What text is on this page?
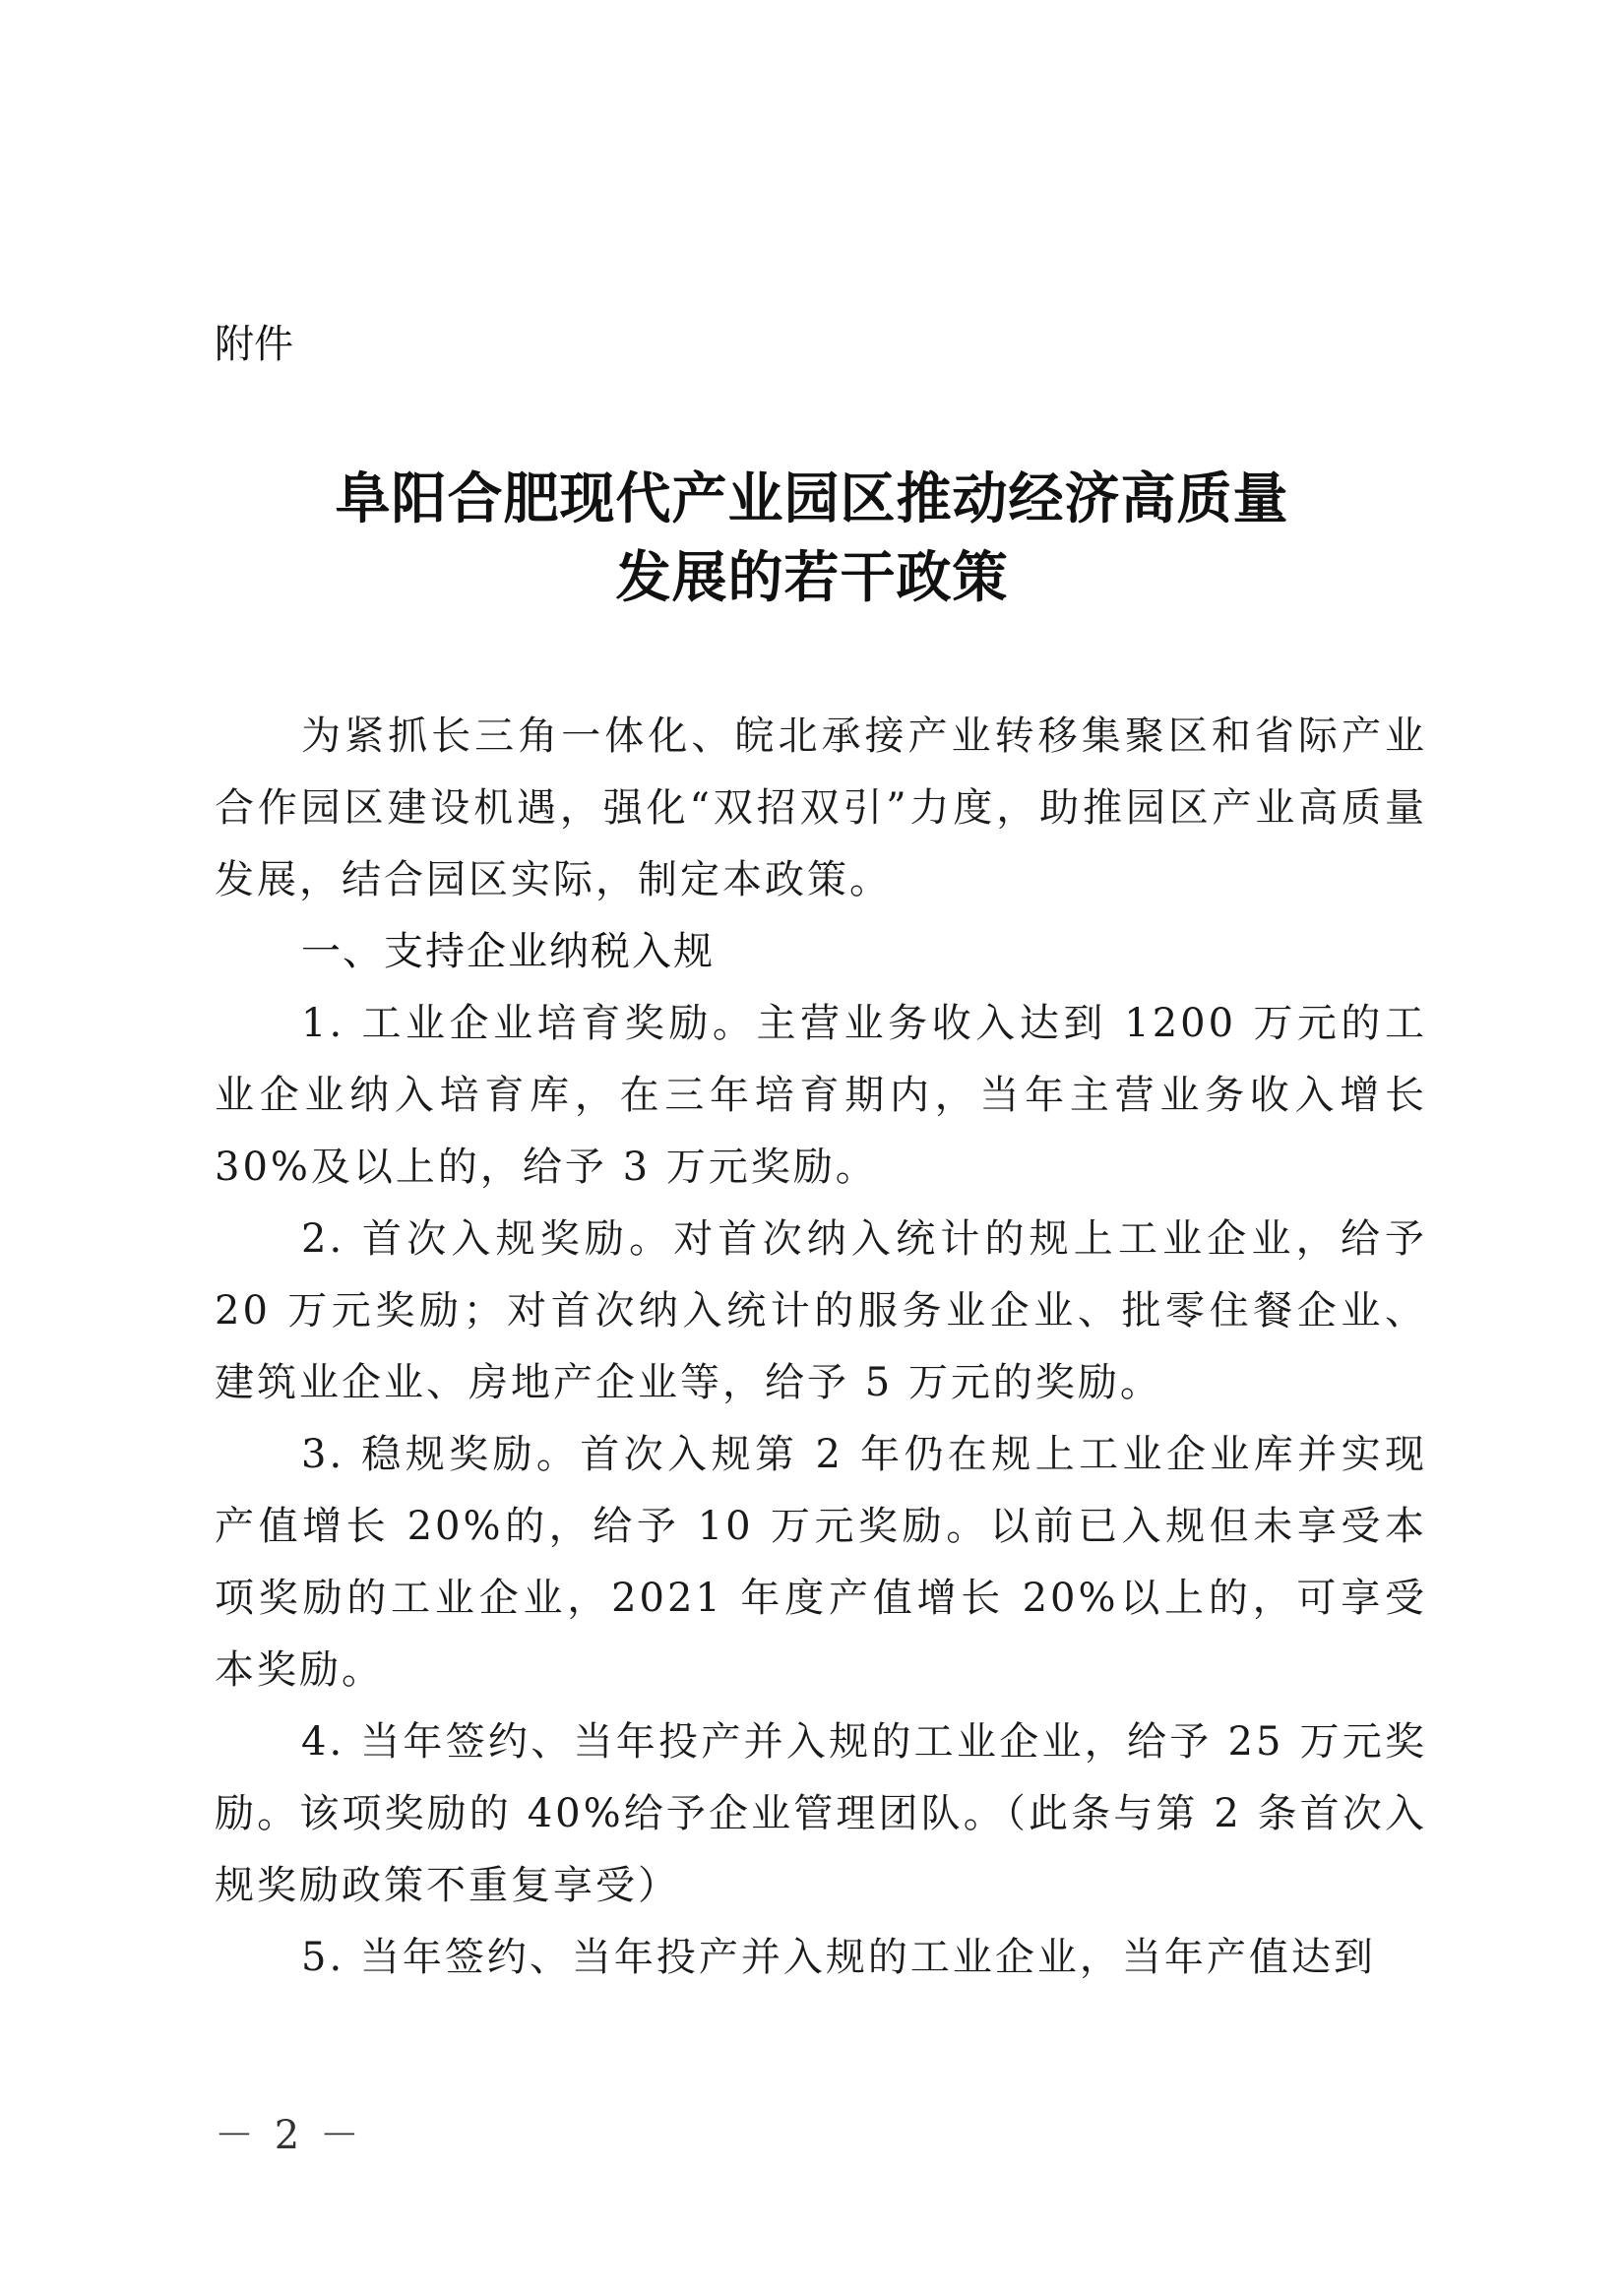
附件

阜阳合肥现代产业园区推动经济高质量
发展的若干政策

为紧抓长三角一体化、皖北承接产业转移集聚区和省际产业合作园区建设机遇，强化“双招双引”力度，助推园区产业高质量发展，结合园区实际，制定本政策。

一、支持企业纳税入规

1. 工业企业培育奖励。主营业务收入达到 1200 万元的工业企业纳入培育库，在三年培育期内，当年主营业务收入增长 30%及以上的，给予 3 万元奖励。

2. 首次入规奖励。对首次纳入统计的规上工业企业，给予 20 万元奖励；对首次纳入统计的服务业企业、批零住餐企业、建筑业企业、房地产企业等，给予 5 万元的奖励。

3. 稳规奖励。首次入规第 2 年仍在规上工业企业库并实现产值增长 20%的，给予 10 万元奖励。以前已入规但未享受本项奖励的工业企业，2021 年度产值增长 20%以上的，可享受本奖励。

4. 当年签约、当年投产并入规的工业企业，给予 25 万元奖励。该项奖励的 40%给予企业管理团队。（此条与第 2 条首次入规奖励政策不重复享受）

5. 当年签约、当年投产并入规的工业企业，当年产值达到

－ 2 －
